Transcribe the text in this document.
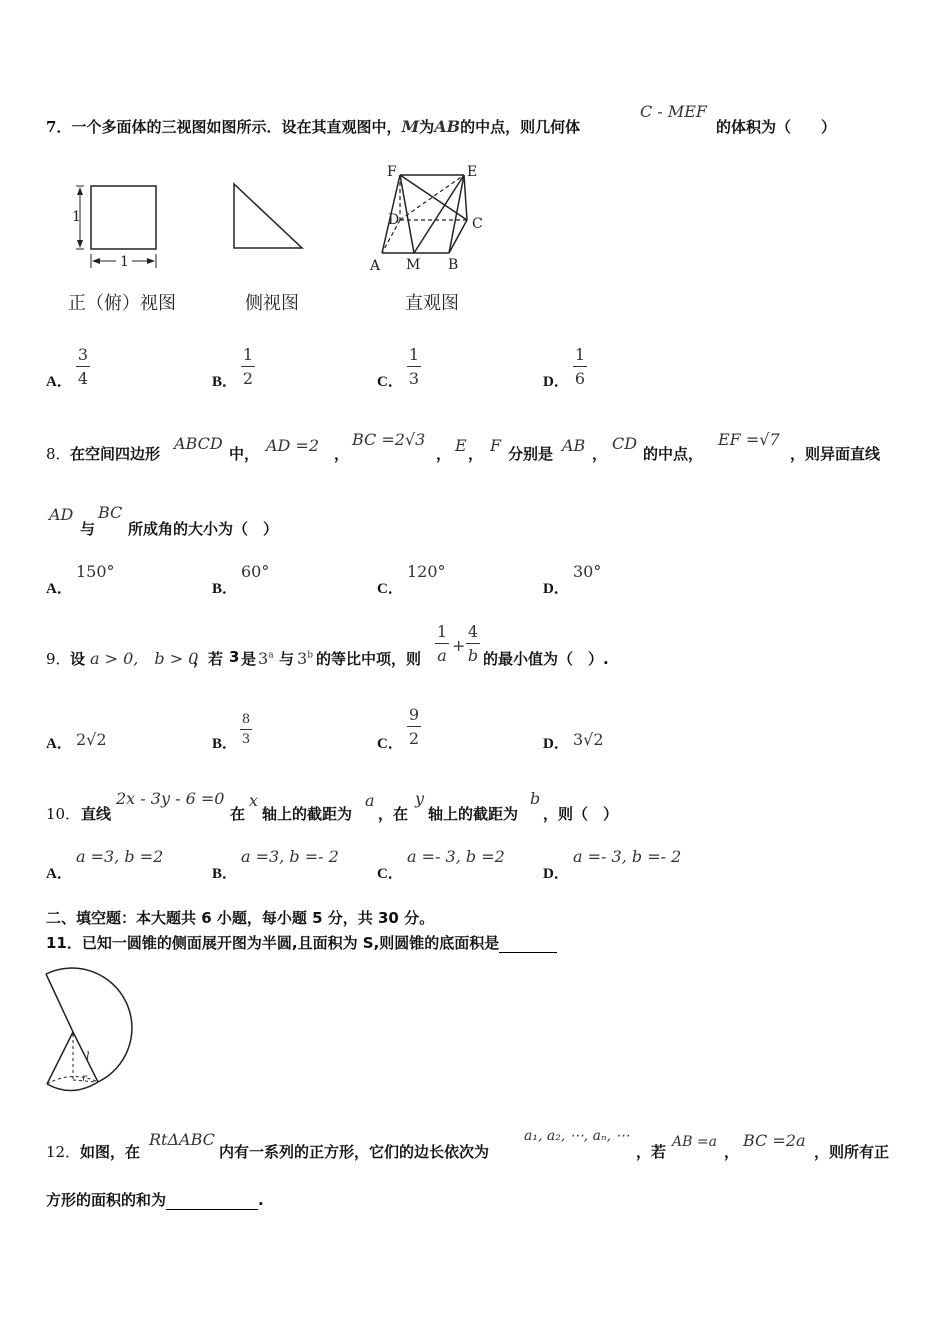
7．一个多面体的三视图如图所示．设在其直观图中，M为AB的中点，则几何体
C - MEF
的体积为（　　）
1
1
正（俯）视图	侧视图
F	E
D	C
A M B
直观图
A．
3
4	B．
1
2	C．
1
3	D．
1
6
8． 在空间四边形
ABCD
中， AD =2 ，
BC =2√3
， E ， F 分别是 AB ，
CD
的中点，
EF =√7
，则异面直线
AD
与
BC
所成角的大小为（　）
A．
150°
B．
60°
C．
120°
D．
30°
9． 设 a > 0,　b > 0
，若 3 是 3$^a$ 与 3$^b$ 的等比中项，则
1
a
+
4
b 的最小值为（　）.
A． 2√2	B．
8
3	C．
9
2	D． 3√2
10． 直线
2x - 3y - 6 =0
在
x
轴上的截距为
a
，在
y
轴上的截距为
b
，则（　）
A．
a =3, b =2
B．
a =3, b =- 2
C．
a =- 3, b =2
D．
a =- 3, b =- 2
二、填空题：本大题共 6 小题，每小题 5 分，共 30 分。
11．已知一圆锥的侧面展开图为半圆,且面积为 S,则圆锥的底面积是
l
r
12． 如图，在
RtΔABC
内有一系列的正方形，它们的边长依次为
a₁, a₂, ⋯, aₙ, ⋯
，若
AB =a
，
BC =2a
，则所有正
方形的面积的和为	.
